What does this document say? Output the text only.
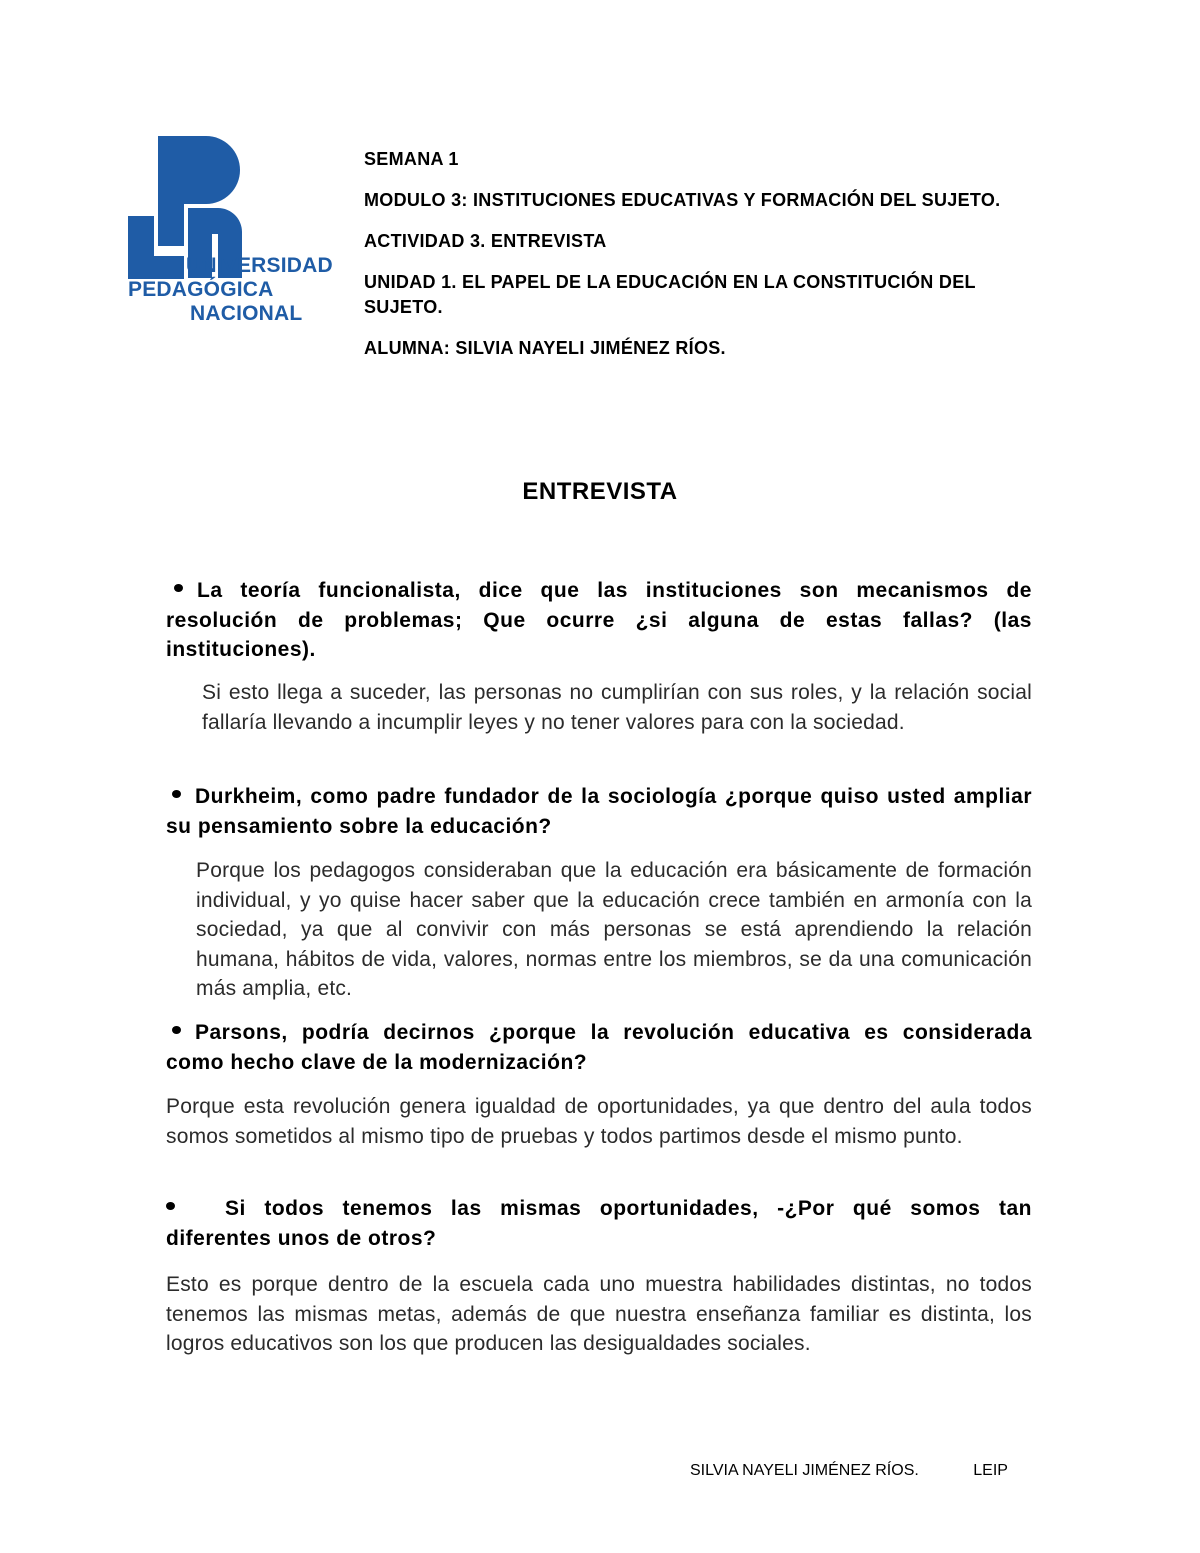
UNIVERSIDAD
PEDAGÓGICA
NACIONAL
SEMANA 1
MODULO 3: INSTITUCIONES EDUCATIVAS Y FORMACIÓN DEL SUJETO.
ACTIVIDAD 3. ENTREVISTA
UNIDAD 1. EL PAPEL DE LA EDUCACIÓN EN LA CONSTITUCIÓN DEL SUJETO.
ALUMNA: SILVIA NAYELI JIMÉNEZ RÍOS.
ENTREVISTA
La teoría funcionalista, dice que las instituciones son mecanismos de resolución de problemas; Que ocurre ¿si alguna de estas fallas? (las instituciones).
Si esto llega a suceder, las personas no cumplirían con sus roles, y la relación social fallaría llevando a incumplir leyes y no tener valores para con la sociedad.
Durkheim, como padre fundador de la sociología ¿porque quiso usted ampliar su pensamiento sobre la educación?
Porque los pedagogos consideraban que la educación era básicamente de formación individual, y yo quise hacer saber que la educación crece también en armonía con la sociedad, ya que al convivir con más personas se está aprendiendo la relación humana, hábitos de vida, valores, normas entre los miembros, se da una comunicación más amplia, etc.
Parsons, podría decirnos ¿porque la revolución educativa es considerada como hecho clave de la modernización?
Porque esta revolución genera igualdad de oportunidades, ya que dentro del aula todos somos sometidos al mismo tipo de pruebas y todos partimos desde el mismo punto.
Si todos tenemos las mismas oportunidades, -¿Por qué somos tan diferentes unos de otros?
Esto es porque dentro de la escuela cada uno muestra habilidades distintas, no todos tenemos las mismas metas, además de que nuestra enseñanza familiar es distinta, los logros educativos son los que producen las desigualdades sociales.
SILVIA NAYELI JIMÉNEZ RÍOS.	LEIP
